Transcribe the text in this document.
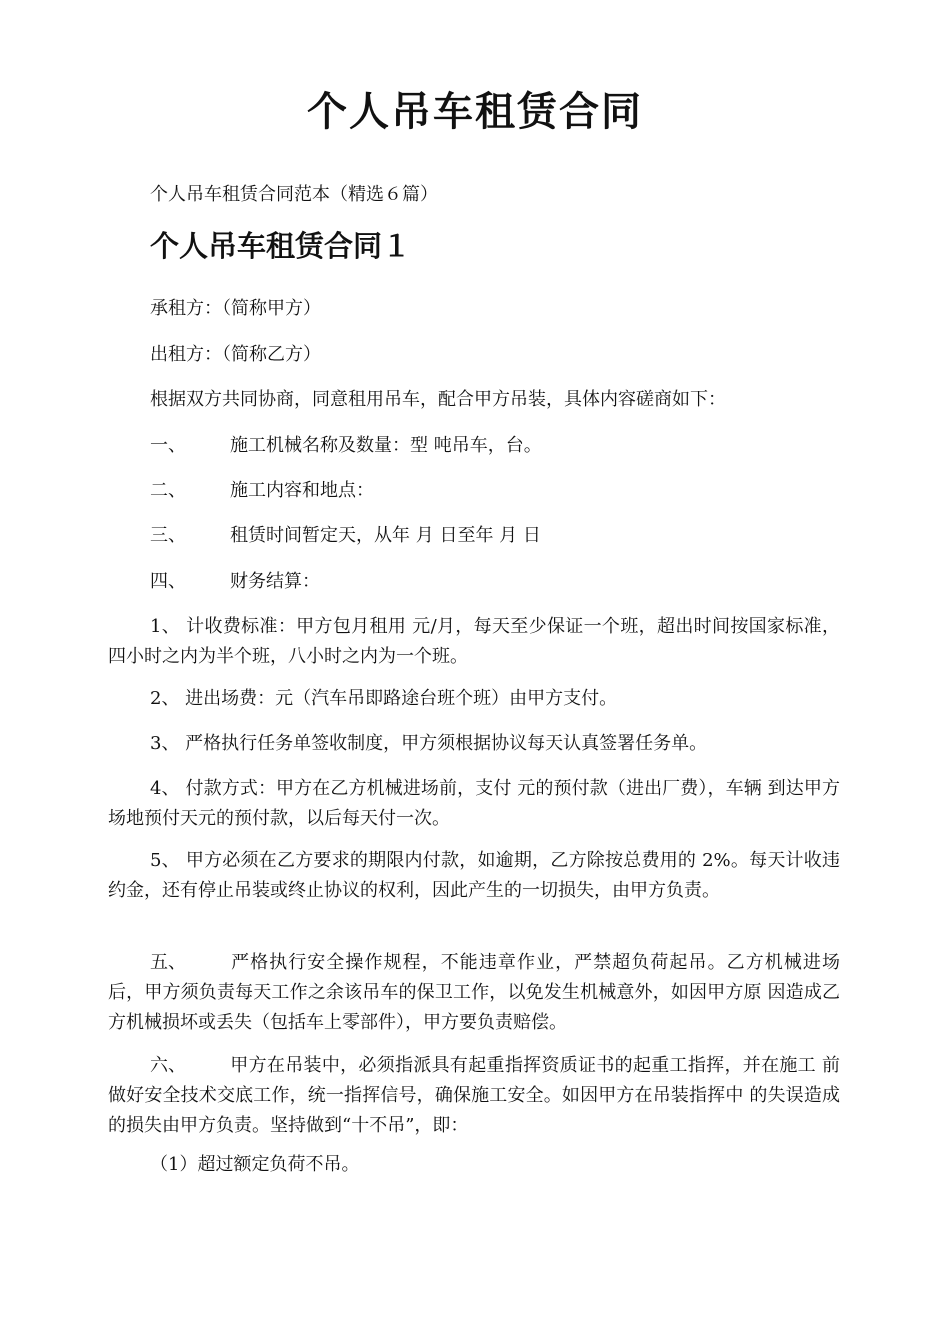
个人吊车租赁合同
个人吊车租赁合同范本（精选６篇）
个人吊车租赁合同１
承租方：（简称甲方）
出租方：（简称乙方）
根据双方共同协商，同意租用吊车，配合甲方吊装，具体内容磋商如下：
一、 施工机械名称及数量：型 吨吊车，台。
二、 施工内容和地点：
三、 租赁时间暂定天，从年 月 日至年 月 日
四、 财务结算：
1、 计收费标准：甲方包月租用 元/月，每天至少保证一个班，超出时间按国家标准，四小时之内为半个班，八小时之内为一个班。
2、 进出场费：元（汽车吊即路途台班个班）由甲方支付。
3、 严格执行任务单签收制度，甲方须根据协议每天认真签署任务单。
4、 付款方式：甲方在乙方机械进场前，支付 元的预付款（进出厂费），车辆 到达甲方场地预付天元的预付款，以后每天付一次。
5、 甲方必须在乙方要求的期限内付款，如逾期，乙方除按总费用的 2%。每天计收违约金，还有停止吊装或终止协议的权利，因此产生的一切损失，由甲方负责。
五、 严格执行安全操作规程，不能违章作业，严禁超负荷起吊。乙方机械进场 后，甲方须负责每天工作之余该吊车的保卫工作，以免发生机械意外，如因甲方原 因造成乙方机械损坏或丢失（包括车上零部件），甲方要负责赔偿。
六、 甲方在吊装中，必须指派具有起重指挥资质证书的起重工指挥，并在施工 前做好安全技术交底工作，统一指挥信号，确保施工安全。如因甲方在吊装指挥中 的失误造成的损失由甲方负责。坚持做到“十不吊”，即：
（1）超过额定负荷不吊。
